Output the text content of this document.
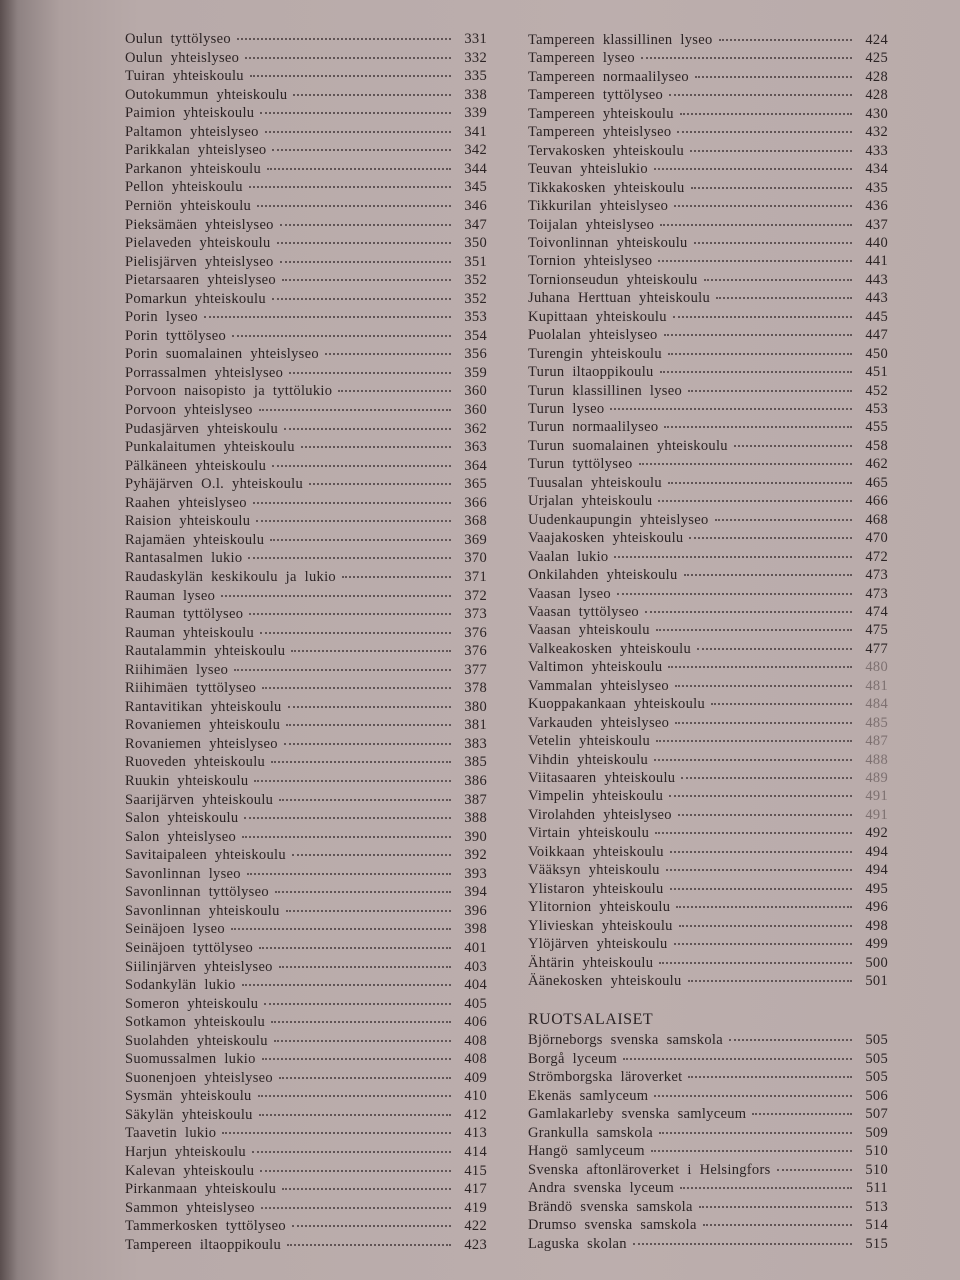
Oulun tyttölyseo	331
Oulun yhteislyseo	332
Tuiran yhteiskoulu	335
Outokummun yhteiskoulu	338
Paimion yhteiskoulu	339
Paltamon yhteislyseo	341
Parikkalan yhteislyseo	342
Parkanon yhteiskoulu	344
Pellon yhteiskoulu	345
Perniön yhteiskoulu	346
Pieksämäen yhteislyseo	347
Pielaveden yhteiskoulu	350
Pielisjärven yhteislyseo	351
Pietarsaaren yhteislyseo	352
Pomarkun yhteiskoulu	352
Porin lyseo	353
Porin tyttölyseo	354
Porin suomalainen yhteislyseo	356
Porrassalmen yhteislyseo	359
Porvoon naisopisto ja tyttölukio	360
Porvoon yhteislyseo	360
Pudasjärven yhteiskoulu	362
Punkalaitumen yhteiskoulu	363
Pälkäneen yhteiskoulu	364
Pyhäjärven O.l. yhteiskoulu	365
Raahen yhteislyseo	366
Raision yhteiskoulu	368
Rajamäen yhteiskoulu	369
Rantasalmen lukio	370
Raudaskylän keskikoulu ja lukio	371
Rauman lyseo	372
Rauman tyttölyseo	373
Rauman yhteiskoulu	376
Rautalammin yhteiskoulu	376
Riihimäen lyseo	377
Riihimäen tyttölyseo	378
Rantavitikan yhteiskoulu	380
Rovaniemen yhteiskoulu	381
Rovaniemen yhteislyseo	383
Ruoveden yhteiskoulu	385
Ruukin yhteiskoulu	386
Saarijärven yhteiskoulu	387
Salon yhteiskoulu	388
Salon yhteislyseo	390
Savitaipaleen yhteiskoulu	392
Savonlinnan lyseo	393
Savonlinnan tyttölyseo	394
Savonlinnan yhteiskoulu	396
Seinäjoen lyseo	398
Seinäjoen tyttölyseo	401
Siilinjärven yhteislyseo	403
Sodankylän lukio	404
Someron yhteiskoulu	405
Sotkamon yhteiskoulu	406
Suolahden yhteiskoulu	408
Suomussalmen lukio	408
Suonenjoen yhteislyseo	409
Sysmän yhteiskoulu	410
Säkylän yhteiskoulu	412
Taavetin lukio	413
Harjun yhteiskoulu	414
Kalevan yhteiskoulu	415
Pirkanmaan yhteiskoulu	417
Sammon yhteislyseo	419
Tammerkosken tyttölyseo	422
Tampereen iltaoppikoulu	423
RUOTSALAISET
Tampereen klassillinen lyseo	424
Tampereen lyseo	425
Tampereen normaalilyseo	428
Tampereen tyttölyseo	428
Tampereen yhteiskoulu	430
Tampereen yhteislyseo	432
Tervakosken yhteiskoulu	433
Teuvan yhteislukio	434
Tikkakosken yhteiskoulu	435
Tikkurilan yhteislyseo	436
Toijalan yhteislyseo	437
Toivonlinnan yhteiskoulu	440
Tornion yhteislyseo	441
Tornionseudun yhteiskoulu	443
Juhana Herttuan yhteiskoulu	443
Kupittaan yhteiskoulu	445
Puolalan yhteislyseo	447
Turengin yhteiskoulu	450
Turun iltaoppikoulu	451
Turun klassillinen lyseo	452
Turun lyseo	453
Turun normaalilyseo	455
Turun suomalainen yhteiskoulu	458
Turun tyttölyseo	462
Tuusalan yhteiskoulu	465
Urjalan yhteiskoulu	466
Uudenkaupungin yhteislyseo	468
Vaajakosken yhteiskoulu	470
Vaalan lukio	472
Onkilahden yhteiskoulu	473
Vaasan lyseo	473
Vaasan tyttölyseo	474
Vaasan yhteiskoulu	475
Valkeakosken yhteiskoulu	477
Valtimon yhteiskoulu	480
Vammalan yhteislyseo	481
Kuoppakankaan yhteiskoulu	484
Varkauden yhteislyseo	485
Vetelin yhteiskoulu	487
Vihdin yhteiskoulu	488
Viitasaaren yhteiskoulu	489
Vimpelin yhteiskoulu	491
Virolahden yhteislyseo	491
Virtain yhteiskoulu	492
Voikkaan yhteiskoulu	494
Vääksyn yhteiskoulu	494
Ylistaron yhteiskoulu	495
Ylitornion yhteiskoulu	496
Ylivieskan yhteiskoulu	498
Ylöjärven yhteiskoulu	499
Ähtärin yhteiskoulu	500
Äänekosken yhteiskoulu	501
Björneborgs svenska samskola	505
Borgå lyceum	505
Strömborgska läroverket	505
Ekenäs samlyceum	506
Gamlakarleby svenska samlyceum	507
Grankulla samskola	509
Hangö samlyceum	510
Svenska aftonläroverket i Helsingfors	510
Andra svenska lyceum	511
Brändö svenska samskola	513
Drumso svenska samskola	514
Laguska skolan	515
